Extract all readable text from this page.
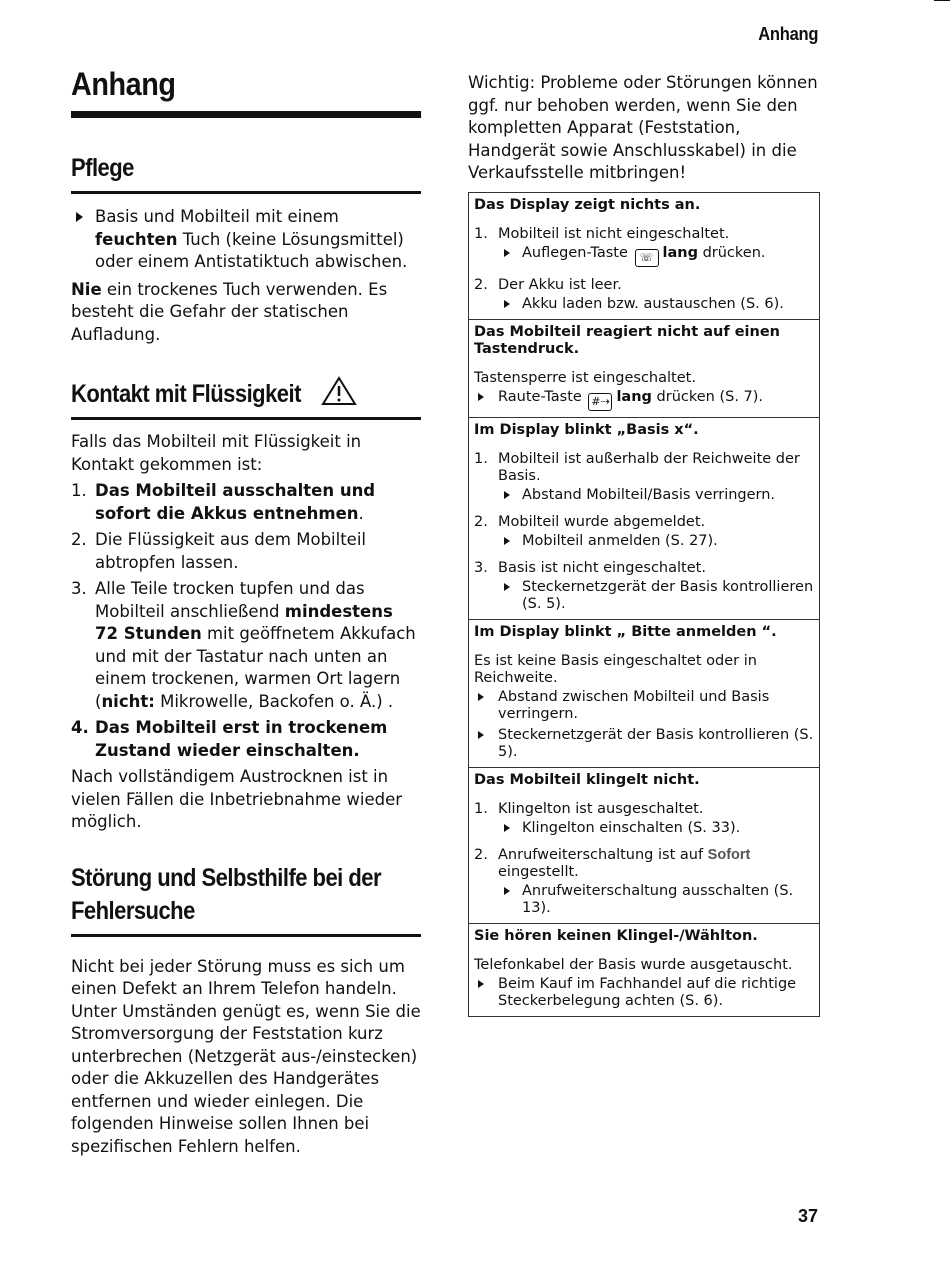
Anhang
Anhang
Pflege
Basis und Mobilteil mit einem feuchten Tuch (keine Lösungsmittel) oder einem Antistatiktuch abwischen.

Nie ein trockenes Tuch verwenden. Es besteht die Gefahr der statischen Aufladung.

Kontakt mit Flüssigkeit

Falls das Mobilteil mit Flüssigkeit in Kontakt gekommen ist:

1. Das Mobilteil ausschalten und sofort die Akkus entnehmen.
2. Die Flüssigkeit aus dem Mobilteil abtropfen lassen.
3. Alle Teile trocken tupfen und das Mobilteil anschließend mindestens 72 Stunden mit geöffnetem Akkufach und mit der Tastatur nach unten an einem trockenen, warmen Ort lagern (nicht: Mikrowelle, Backofen o. Ä.) .
4. Das Mobilteil erst in trockenem Zustand wieder einschalten.

Nach vollständigem Austrocknen ist in vielen Fällen die Inbetriebnahme wieder möglich.

Störung und Selbsthilfe bei der Fehlersuche

Nicht bei jeder Störung muss es sich um einen Defekt an Ihrem Telefon handeln. Unter Umständen genügt es, wenn Sie die Stromversorgung der Feststation kurz unterbrechen (Netzgerät aus-/einstecken) oder die Akkuzellen des Handgerätes entfernen und wieder einlegen. Die folgenden Hinweise sollen Ihnen bei spezifischen Fehlern helfen.

Wichtig: Probleme oder Störungen können ggf. nur behoben werden, wenn Sie den kompletten Apparat (Feststation, Handgerät sowie Anschlusskabel) in die Verkaufsstelle mitbringen!

Das Display zeigt nichts an.
1. Mobilteil ist nicht eingeschaltet.
Auflegen-Taste ☏ lang drücken.
2. Der Akku ist leer.
Akku laden bzw. austauschen (S. 6).
Das Mobilteil reagiert nicht auf einen Tastendruck.
Tastensperre ist eingeschaltet.
Raute-Taste #⇢ lang drücken (S. 7).
Im Display blinkt „Basis x“.
1. Mobilteil ist außerhalb der Reichweite der Basis.
Abstand Mobilteil/Basis verringern.
2. Mobilteil wurde abgemeldet.
Mobilteil anmelden (S. 27).
3. Basis ist nicht eingeschaltet.
Steckernetzgerät der Basis kontrollieren (S. 5).
Im Display blinkt „ Bitte anmelden “.
Es ist keine Basis eingeschaltet oder in Reichweite.
Abstand zwischen Mobilteil und Basis verringern.
Steckernetzgerät der Basis kontrollieren (S. 5).
Das Mobilteil klingelt nicht.
1. Klingelton ist ausgeschaltet.
Klingelton einschalten (S. 33).
2. Anrufweiterschaltung ist auf Sofort eingestellt.
Anrufweiterschaltung ausschalten (S. 13).
Sie hören keinen Klingel-/Wählton.
Telefonkabel der Basis wurde ausgetauscht.
Beim Kauf im Fachhandel auf die richtige Steckerbelegung achten (S. 6).
37
